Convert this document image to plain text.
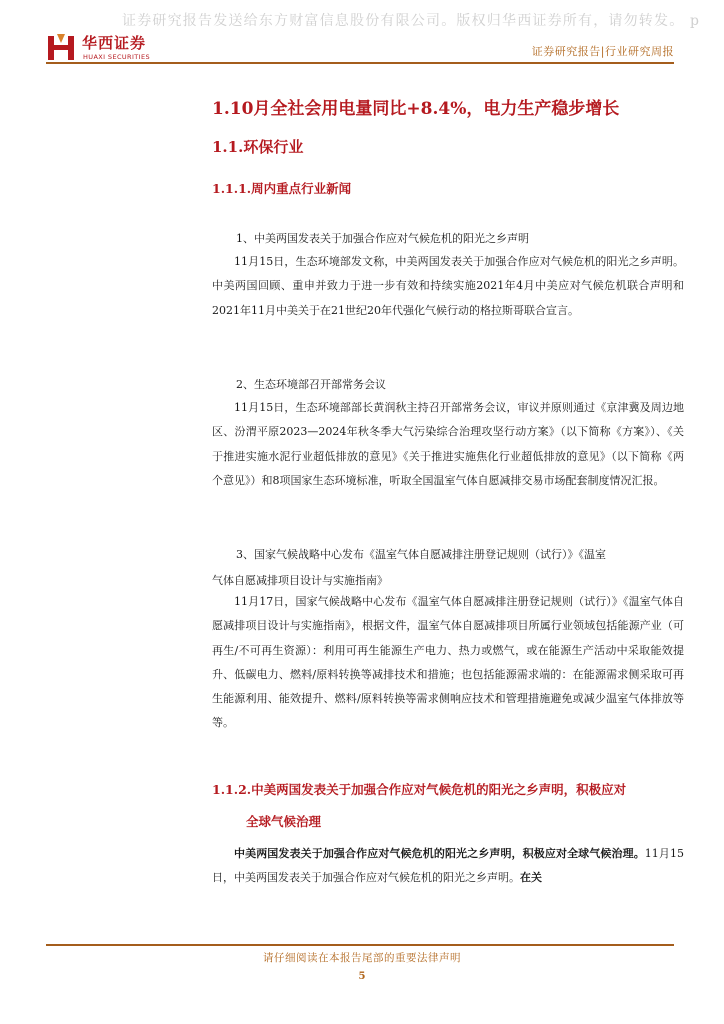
证券研究报告发送给东方财富信息股份有限公司。版权归华西证券所有，请勿转发。 p
华西证券
HUAXI SECURITIES	证券研究报告|行业研究周报
1.10月全社会用电量同比+8.4%，电力生产稳步增长
1.1.环保行业
1.1.1.周内重点行业新闻
1、中美两国发表关于加强合作应对气候危机的阳光之乡声明

11月15日，生态环境部发文称，中美两国发表关于加强合作应对气候危机的阳光之乡声明。中美两国回顾、重申并致力于进一步有效和持续实施2021年4月中美应对气候危机联合声明和2021年11月中美关于在21世纪20年代强化气候行动的格拉斯哥联合宣言。

2、生态环境部召开部常务会议

11月15日，生态环境部部长黄润秋主持召开部常务会议，审议并原则通过《京津冀及周边地区、汾渭平原2023—2024年秋冬季大气污染综合治理攻坚行动方案》（以下简称《方案》）、《关于推进实施水泥行业超低排放的意见》《关于推进实施焦化行业超低排放的意见》（以下简称《两个意见》）和8项国家生态环境标准，听取全国温室气体自愿减排交易市场配套制度情况汇报。

3、国家气候战略中心发布《温室气体自愿减排注册登记规则（试行）》《温室
气体自愿减排项目设计与实施指南》

11月17日，国家气候战略中心发布《温室气体自愿减排注册登记规则（试行）》《温室气体自愿减排项目设计与实施指南》，根据文件，温室气体自愿减排项目所属行业领域包括能源产业（可再生/不可再生资源）：利用可再生能源生产电力、热力或燃气，或在能源生产活动中采取能效提升、低碳电力、燃料/原料转换等减排技术和措施；也包括能源需求端的：在能源需求侧采取可再生能源利用、能效提升、燃料/原料转换等需求侧响应技术和管理措施避免或减少温室气体排放等等。

1.1.2.中美两国发表关于加强合作应对气候危机的阳光之乡声明，积极应对
全球气候治理

中美两国发表关于加强合作应对气候危机的阳光之乡声明，积极应对全球气候治理。11月15日，中美两国发表关于加强合作应对气候危机的阳光之乡声明。在关

请仔细阅读在本报告尾部的重要法律声明
5
